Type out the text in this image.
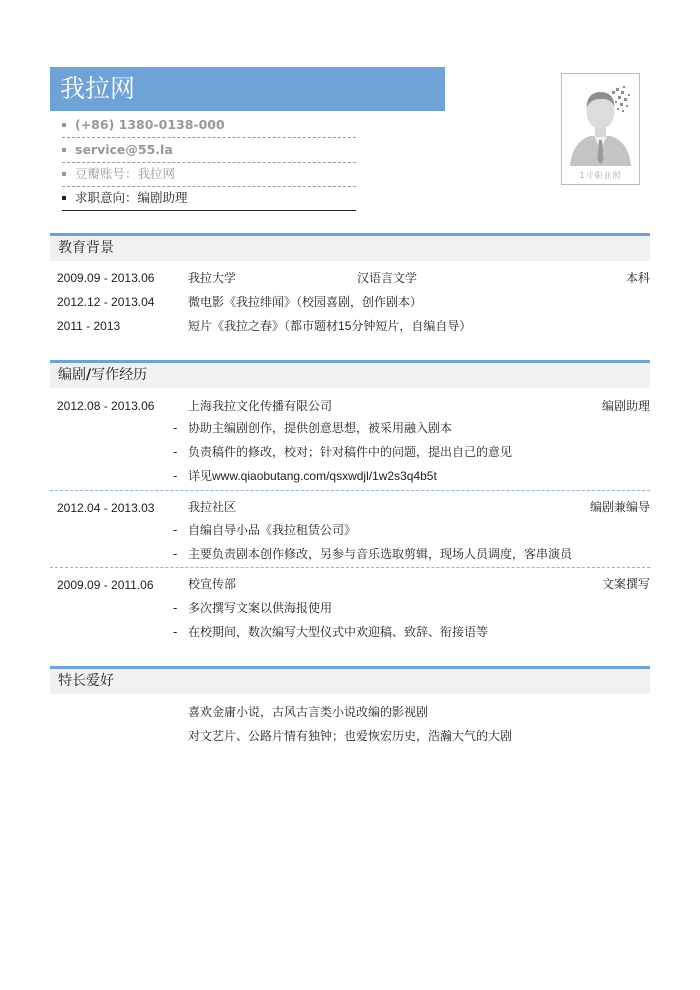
我拉网
(+86) 1380-0138-000
service@55.la
豆瓣账号：我拉网
求职意向：编剧助理
1寸职业照
教育背景
2009.09 - 2013.06	我拉大学	汉语言文学	本科
2012.12 - 2013.04	微电影《我拉绯闻》（校园喜剧，创作剧本）
2011 - 2013	短片《我拉之春》（都市题材15分钟短片，自编自导）
编剧/写作经历
2012.08 - 2013.06	上海我拉文化传播有限公司	编剧助理
- 协助主编剧创作，提供创意思想，被采用融入剧本
- 负责稿件的修改，校对；针对稿件中的问题，提出自己的意见
- 详见www.qiaobutang.com/qsxwdjl/1w2s3q4b5t
2012.04 - 2013.03	我拉社区	编剧兼编导
- 自编自导小品《我拉租赁公司》
- 主要负责剧本创作修改，另参与音乐选取剪辑，现场人员调度，客串演员
2009.09 - 2011.06	校宣传部	文案撰写
- 多次撰写文案以供海报使用
- 在校期间，数次编写大型仪式中欢迎稿、致辞、衔接语等
特长爱好
喜欢金庸小说，古风古言类小说改编的影视剧
对文艺片、公路片情有独钟；也爱恢宏历史，浩瀚大气的大剧
